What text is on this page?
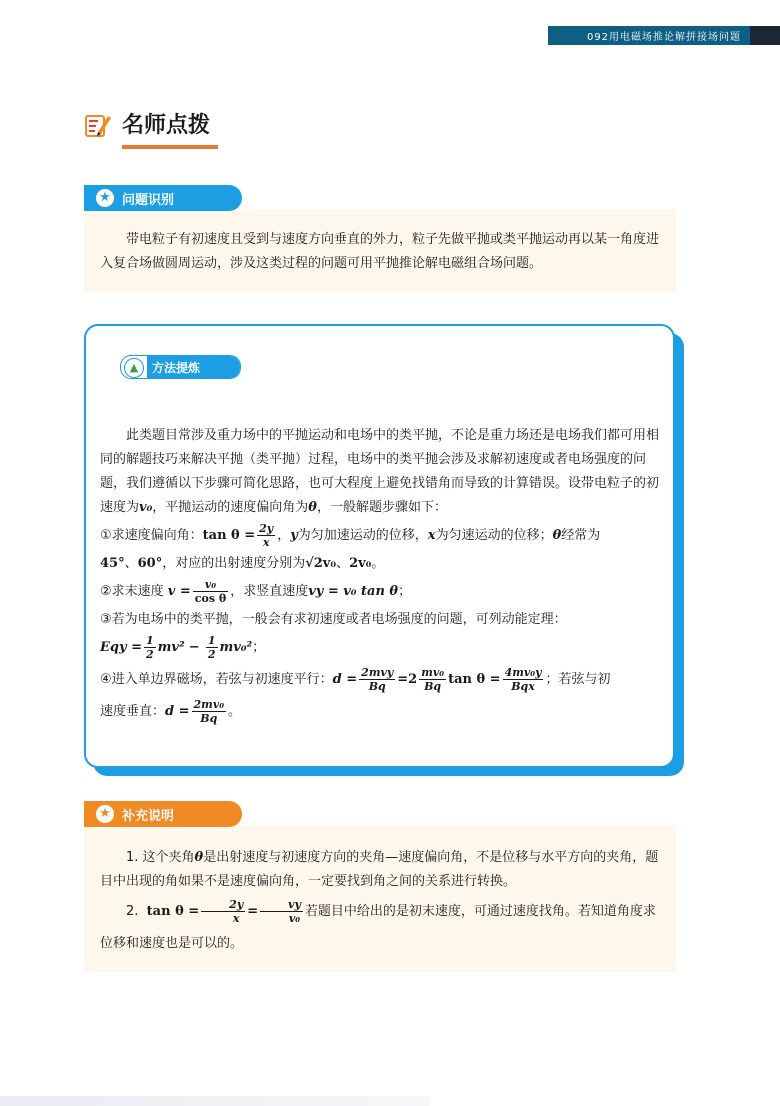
092用电磁场推论解拼接场问题
名师点拨
★ 问题识别

带电粒子有初速度且受到与速度方向垂直的外力，粒子先做平抛或类平抛运动再以某一角度进入复合场做圆周运动，涉及这类过程的问题可用平抛推论解电磁组合场问题。

▲	方法提炼

此类题目常涉及重力场中的平抛运动和电场中的类平抛，不论是重力场还是电场我们都可用相同的解题技巧来解决平抛（类平抛）过程，电场中的类平抛会涉及求解初速度或者电场强度的问题，我们遵循以下步骤可简化思路，也可大程度上避免找错角而导致的计算错误。设带电粒子的初速度为v₀，平抛运动的速度偏向角为θ，一般解题步骤如下：

①求速度偏向角：$\tan \theta = \frac{2y}{x}$ ，y为匀加速运动的位移，x为匀速运动的位移；θ经常为

45°、60°，对应的出射速度分别为√2v₀、2v₀。

②求末速度 $v = \frac{\text{v₀}}{\text{cos θ}}$ ，求竖直速度vy = v₀ tan θ；

③若为电场中的类平抛，一般会有求初速度或者电场强度的问题，可列动能定理：

Eqy = $\frac{1}{2} mv^2 - \frac{1}{2} mv_0^2$；

④进入单边界磁场，若弦与初速度平行：$d = \frac{\text{2mvy}}{Bq} =2 \frac{\text{mv₀}}{Bq}$ $\tan \theta = \frac{\text{4mv₀y}}{\text{Bqx}}$ ；若弦与初

速度垂直：$d = \frac{\text{2mv₀}}{Bq}$ 。

★ 补充说明

1. 这个夹角θ是出射速度与初速度方向的夹角—速度偏向角，不是位移与水平方向的夹角，题目中出现的角如果不是速度偏向角，一定要找到角之间的关系进行转换。

2. $\tan \theta = \frac{2y}{x} = \frac{vy}{\text{v₀}}$ 若题目中给出的是初末速度，可通过速度找角。若知道角度求位移和速度也是可以的。
